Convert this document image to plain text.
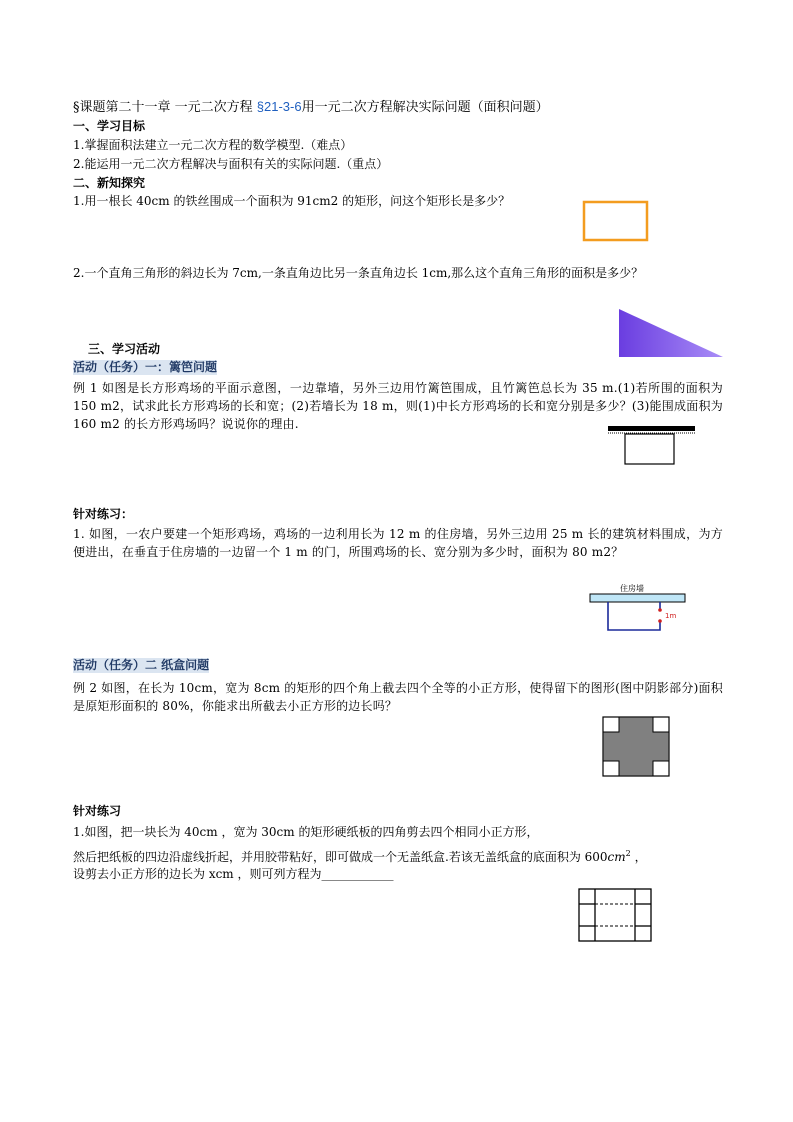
§课题第二十一章 一元二次方程 §21-3-6用一元二次方程解决实际问题（面积问题）
一、学习目标
1.掌握面积法建立一元二次方程的数学模型.（难点）
2.能运用一元二次方程解决与面积有关的实际问题.（重点）
二、新知探究
1.用一根长 40cm 的铁丝围成一个面积为 91cm2 的矩形，问这个矩形长是多少？
2.一个直角三角形的斜边长为 7cm,一条直角边比另一条直角边长 1cm,那么这个直角三角形的面积是多少？
三、学习活动
活动（任务）一：篱笆问题
例 1 如图是长方形鸡场的平面示意图，一边靠墙，另外三边用竹篱笆围成，且竹篱笆总长为 35 m.(1)若所围的面积为 150 m2，试求此长方形鸡场的长和宽；(2)若墙长为 18 m，则(1)中长方形鸡场的长和宽分别是多少？(3)能围成面积为 160 m2 的长方形鸡场吗？说说你的理由.
针对练习：
1. 如图，一农户要建一个矩形鸡场，鸡场的一边利用长为 12 m 的住房墙，另外三边用 25 m 长的建筑材料围成，为方便进出，在垂直于住房墙的一边留一个 1 m 的门，所围鸡场的长、宽分别为多少时，面积为 80 m2？
住房墙
1m
活动（任务）二 纸盒问题
例 2 如图，在长为 10cm，宽为 8cm 的矩形的四个角上截去四个全等的小正方形，使得留下的图形(图中阴影部分)面积是原矩形面积的 80%，你能求出所截去小正方形的边长吗？
针对练习
1.如图，把一块长为 40cm ，宽为 30cm 的矩形硬纸板的四角剪去四个相同小正方形，
然后把纸板的四边沿虚线折起，并用胶带粘好，即可做成一个无盖纸盒.若该无盖纸盒的底面积为 $600cm^2$ ，
设剪去小正方形的边长为 xcm ，则可列方程为____________
